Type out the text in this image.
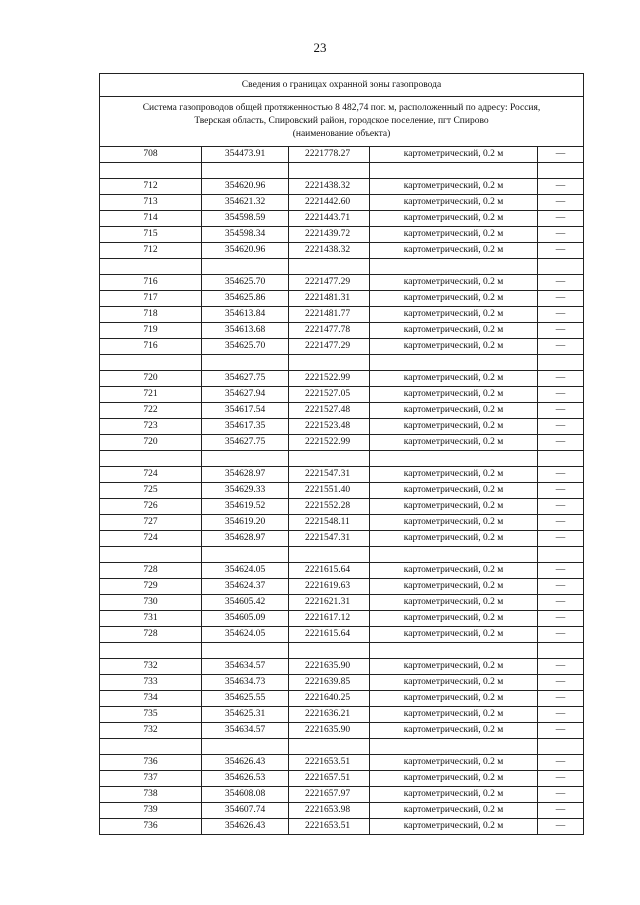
23
Сведения о границах охранной зоны газопровода				

Система газопроводов общей протяженностью 8 482,74 пог. м, расположенный по адресу: Россия,
Тверская область, Спировский район, городское поселение, пгт Спирово
(наименование объекта)				

708	354473.91	2221778.27	картометрический, 0.2 м	—

712	354620.96	2221438.32	картометрический, 0.2 м	—
713	354621.32	2221442.60	картометрический, 0.2 м	—
714	354598.59	2221443.71	картометрический, 0.2 м	—
715	354598.34	2221439.72	картометрический, 0.2 м	—
712	354620.96	2221438.32	картометрический, 0.2 м	—

716	354625.70	2221477.29	картометрический, 0.2 м	—
717	354625.86	2221481.31	картометрический, 0.2 м	—
718	354613.84	2221481.77	картометрический, 0.2 м	—
719	354613.68	2221477.78	картометрический, 0.2 м	—
716	354625.70	2221477.29	картометрический, 0.2 м	—

720	354627.75	2221522.99	картометрический, 0.2 м	—
721	354627.94	2221527.05	картометрический, 0.2 м	—
722	354617.54	2221527.48	картометрический, 0.2 м	—
723	354617.35	2221523.48	картометрический, 0.2 м	—
720	354627.75	2221522.99	картометрический, 0.2 м	—

724	354628.97	2221547.31	картометрический, 0.2 м	—
725	354629.33	2221551.40	картометрический, 0.2 м	—
726	354619.52	2221552.28	картометрический, 0.2 м	—
727	354619.20	2221548.11	картометрический, 0.2 м	—
724	354628.97	2221547.31	картометрический, 0.2 м	—

728	354624.05	2221615.64	картометрический, 0.2 м	—
729	354624.37	2221619.63	картометрический, 0.2 м	—
730	354605.42	2221621.31	картометрический, 0.2 м	—
731	354605.09	2221617.12	картометрический, 0.2 м	—
728	354624.05	2221615.64	картометрический, 0.2 м	—

732	354634.57	2221635.90	картометрический, 0.2 м	—
733	354634.73	2221639.85	картометрический, 0.2 м	—
734	354625.55	2221640.25	картометрический, 0.2 м	—
735	354625.31	2221636.21	картометрический, 0.2 м	—
732	354634.57	2221635.90	картометрический, 0.2 м	—

736	354626.43	2221653.51	картометрический, 0.2 м	—
737	354626.53	2221657.51	картометрический, 0.2 м	—
738	354608.08	2221657.97	картометрический, 0.2 м	—
739	354607.74	2221653.98	картометрический, 0.2 м	—
736	354626.43	2221653.51	картометрический, 0.2 м	—
